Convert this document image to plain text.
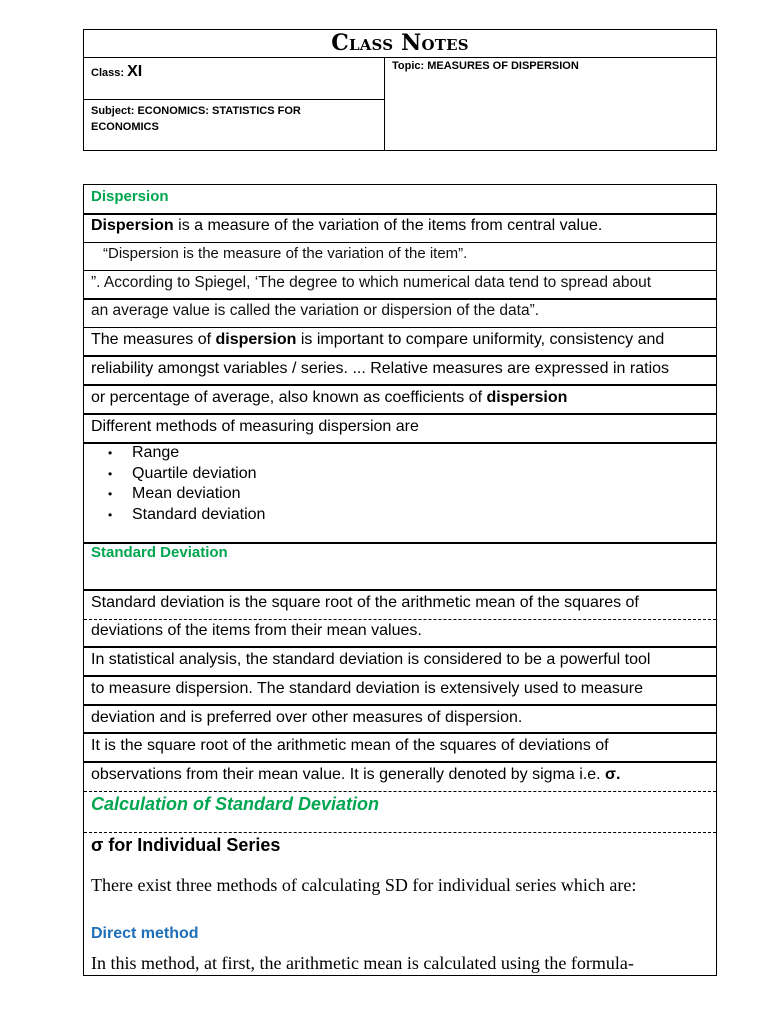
Class Notes
Class: XI
Subject: ECONOMICS: STATISTICS FOR ECONOMICS
Topic: MEASURES OF DISPERSION
Dispersion
Dispersion is a measure of the variation of the items from central value.
“Dispersion is the measure of the variation of the item”.
”. According to Spiegel, ‘The degree to which numerical data tend to spread about
an average value is called the variation or dispersion of the data”.
The measures of dispersion is important to compare uniformity, consistency and
reliability amongst variables / series. ... Relative measures are expressed in ratios
or percentage of average, also known as coefficients of dispersion
Different methods of measuring dispersion are
• Range
• Quartile deviation
• Mean deviation
• Standard deviation
Standard Deviation
Standard deviation is the square root of the arithmetic mean of the squares of
deviations of the items from their mean values.
In statistical analysis, the standard deviation is considered to be a powerful tool
to measure dispersion. The standard deviation is extensively used to measure
deviation and is preferred over other measures of dispersion.
It is the square root of the arithmetic mean of the squares of deviations of
observations from their mean value. It is generally denoted by sigma i.e. σ.
Calculation of Standard Deviation
σ for Individual Series
There exist three methods of calculating SD for individual series which are:
Direct method
In this method, at first, the arithmetic mean is calculated using the formula-
